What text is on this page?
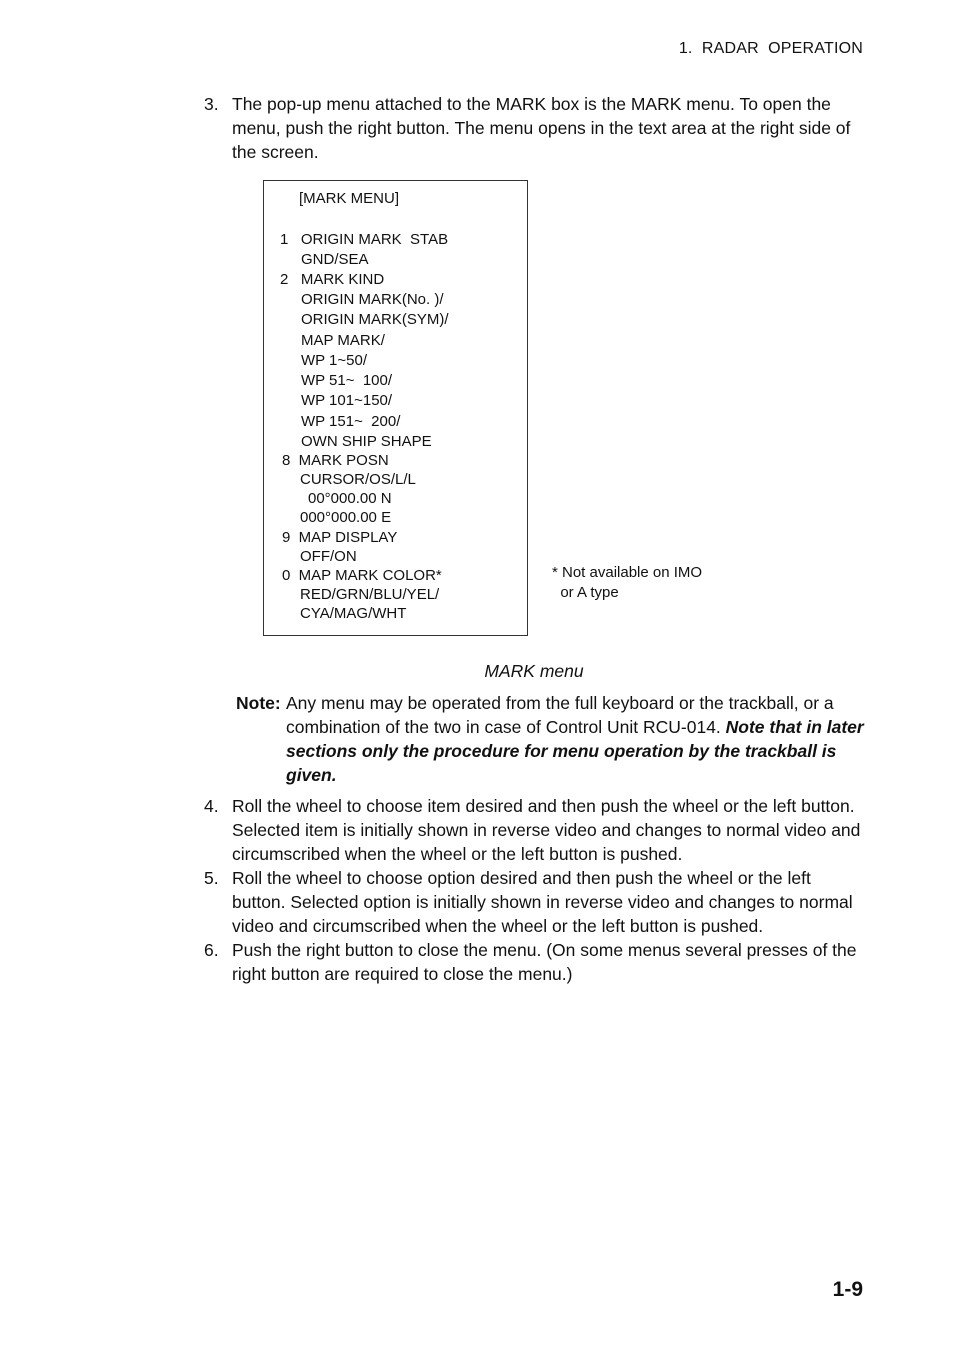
1.  RADAR  OPERATION
3. The pop-up menu attached to the MARK box is the MARK menu. To open the menu, push the right button. The menu opens in the text area at the right side of the screen.
[MARK MENU]
1   ORIGIN MARK  STAB
GND/SEA
2   MARK KIND
ORIGIN MARK(No. )/
ORIGIN MARK(SYM)/
MAP MARK/
WP 1~50/
WP 51~  100/
WP 101~150/
WP 151~  200/
OWN SHIP SHAPE
8  MARK POSN
CURSOR/OS/L/L
00°000.00 N
000°000.00 E
9  MAP DISPLAY
OFF/ON
0  MAP MARK COLOR*
RED/GRN/BLU/YEL/
CYA/MAG/WHT
* Not available on IMO
or A type
MARK menu
Note: Any menu may be operated from the full keyboard or the trackball, or a combination of the two in case of Control Unit RCU-014. Note that in later sections only the procedure for menu operation by the trackball is given.
4. Roll the wheel to choose item desired and then push the wheel or the left button. Selected item is initially shown in reverse video and changes to normal video and circumscribed when the wheel or the left button is pushed.
5. Roll the wheel to choose option desired and then push the wheel or the left button. Selected option is initially shown in reverse video and changes to normal video and circumscribed when the wheel or the left button is pushed.
6. Push the right button to close the menu. (On some menus several presses of the right button are required to close the menu.)
1-9
